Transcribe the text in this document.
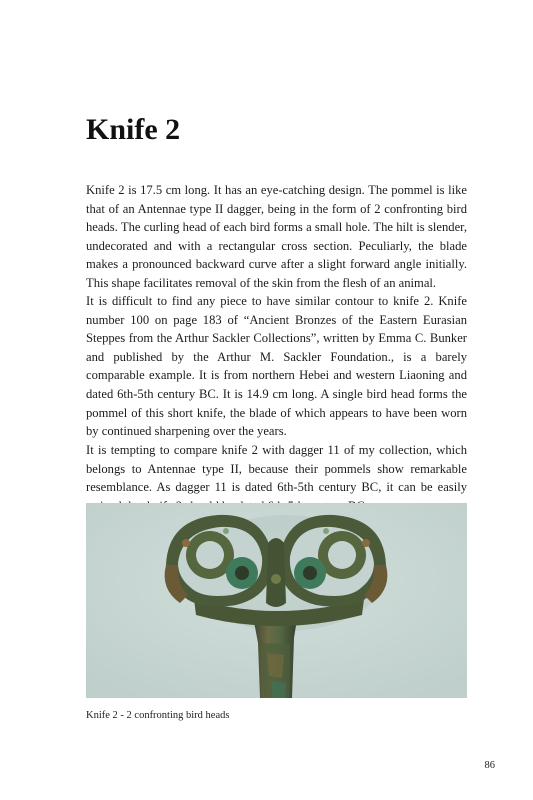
Knife 2

Knife 2 is 17.5 cm long. It has an eye-catching design. The pommel is like that of an Antennae type II dagger, being in the form of 2 confronting bird heads. The curling head of each bird forms a small hole. The hilt is slender, undecorated and with a rectangular cross section. Peculiarly, the blade makes a pronounced backward curve after a slight forward angle initially. This shape facilitates removal of the skin from the flesh of an animal.

It is difficult to find any piece to have similar contour to knife 2. Knife number 100 on page 183 of “Ancient Bronzes of the Eastern Eurasian Steppes from the Arthur Sackler Collections”, written by Emma C. Bunker and published by the Arthur M. Sackler Foundation., is a barely comparable example. It is from northern Hebei and western Liaoning and dated 6th-5th century BC. It is 14.9 cm long. A single bird head forms the pommel of this short knife, the blade of which appears to have been worn by continued sharpening over the years.

It is tempting to compare knife 2 with dagger 11 of my collection, which belongs to Antennae type II, because their pommels show remarkable resemblance. As dagger 11 is dated 6th-5th century BC, it can be easily

Knife 2 - 2 confronting bird heads

86
